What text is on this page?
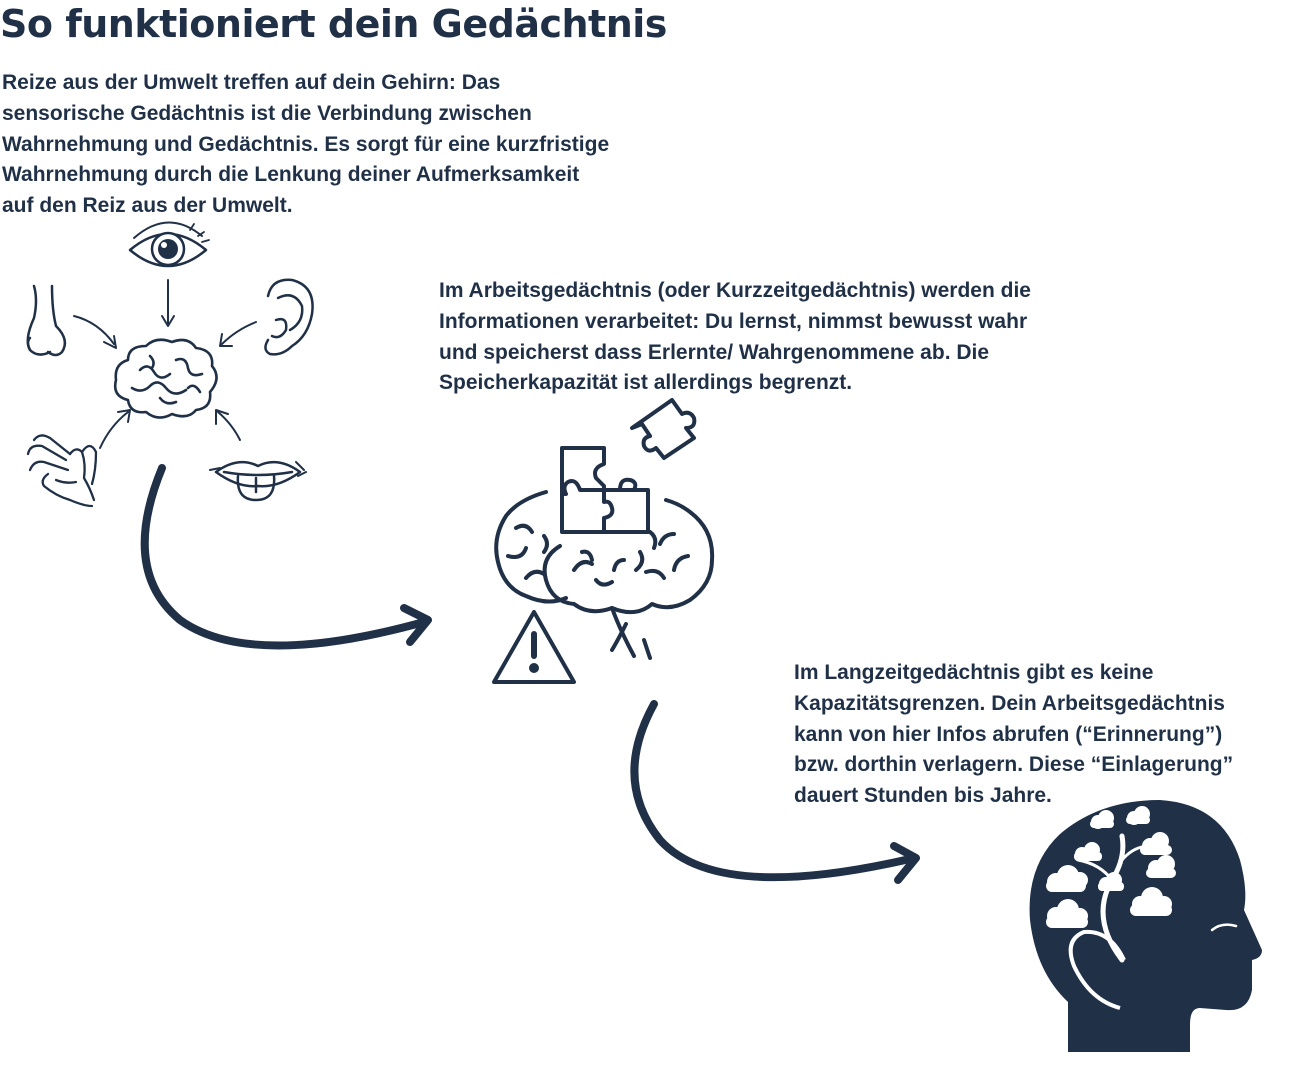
So funktioniert dein Gedächtnis

Reize aus der Umwelt treffen auf dein Gehirn: Das
sensorische Gedächtnis ist die Verbindung zwischen
Wahrnehmung und Gedächtnis. Es sorgt für eine kurzfristige
Wahrnehmung durch die Lenkung deiner Aufmerksamkeit
auf den Reiz aus der Umwelt.

Im Arbeitsgedächtnis (oder Kurzzeitgedächtnis) werden die
Informationen verarbeitet: Du lernst, nimmst bewusst wahr
und speicherst dass Erlernte/ Wahrgenommene ab. Die
Speicherkapazität ist allerdings begrenzt.

Im Langzeitgedächtnis gibt es keine
Kapazitätsgrenzen. Dein Arbeitsgedächtnis
kann von hier Infos abrufen (“Erinnerung”)
bzw. dorthin verlagern. Diese “Einlagerung”
dauert Stunden bis Jahre.
